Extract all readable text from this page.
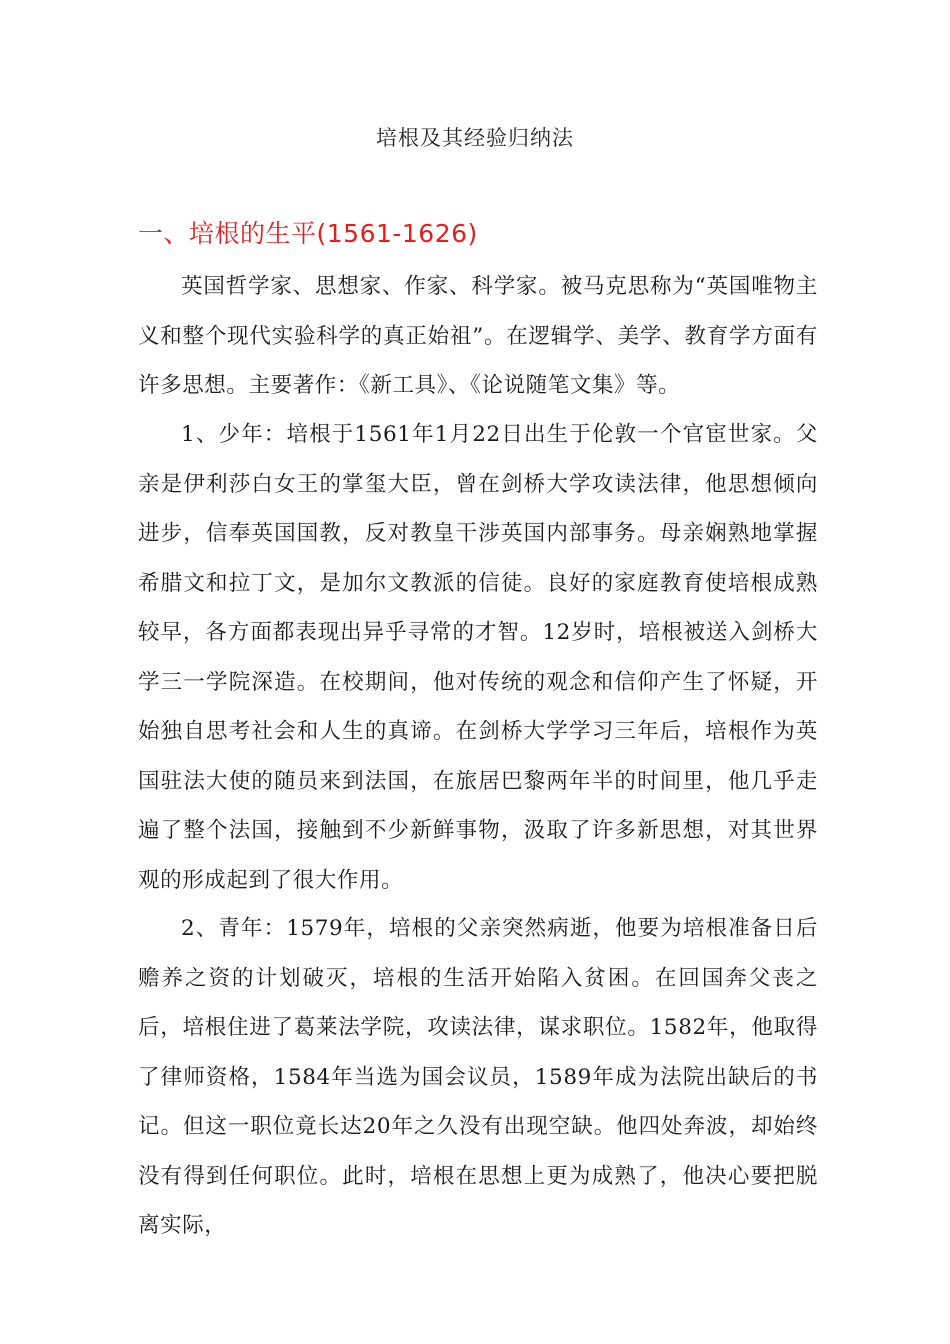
培根及其经验归纳法
一、培根的生平(1561-1626)

英国哲学家、思想家、作家、科学家。被马克思称为“英国唯物主义和整个现代实验科学的真正始祖”。在逻辑学、美学、教育学方面有许多思想。主要著作：《新工具》、《论说随笔文集》等。

1、少年：培根于1561年1月22日出生于伦敦一个官宦世家。父亲是伊利莎白女王的掌玺大臣，曾在剑桥大学攻读法律，他思想倾向进步，信奉英国国教，反对教皇干涉英国内部事务。母亲娴熟地掌握希腊文和拉丁文，是加尔文教派的信徒。良好的家庭教育使培根成熟较早，各方面都表现出异乎寻常的才智。12岁时，培根被送入剑桥大学三一学院深造。在校期间，他对传统的观念和信仰产生了怀疑，开始独自思考社会和人生的真谛。在剑桥大学学习三年后，培根作为英国驻法大使的随员来到法国，在旅居巴黎两年半的时间里，他几乎走遍了整个法国，接触到不少新鲜事物，汲取了许多新思想，对其世界观的形成起到了很大作用。

2、青年：1579年，培根的父亲突然病逝，他要为培根准备日后赡养之资的计划破灭，培根的生活开始陷入贫困。在回国奔父丧之后，培根住进了葛莱法学院，攻读法律，谋求职位。1582年，他取得了律师资格，1584年当选为国会议员，1589年成为法院出缺后的书记。但这一职位竟长达20年之久没有出现空缺。他四处奔波，却始终没有得到任何职位。此时，培根在思想上更为成熟了，他决心要把脱离实际，
